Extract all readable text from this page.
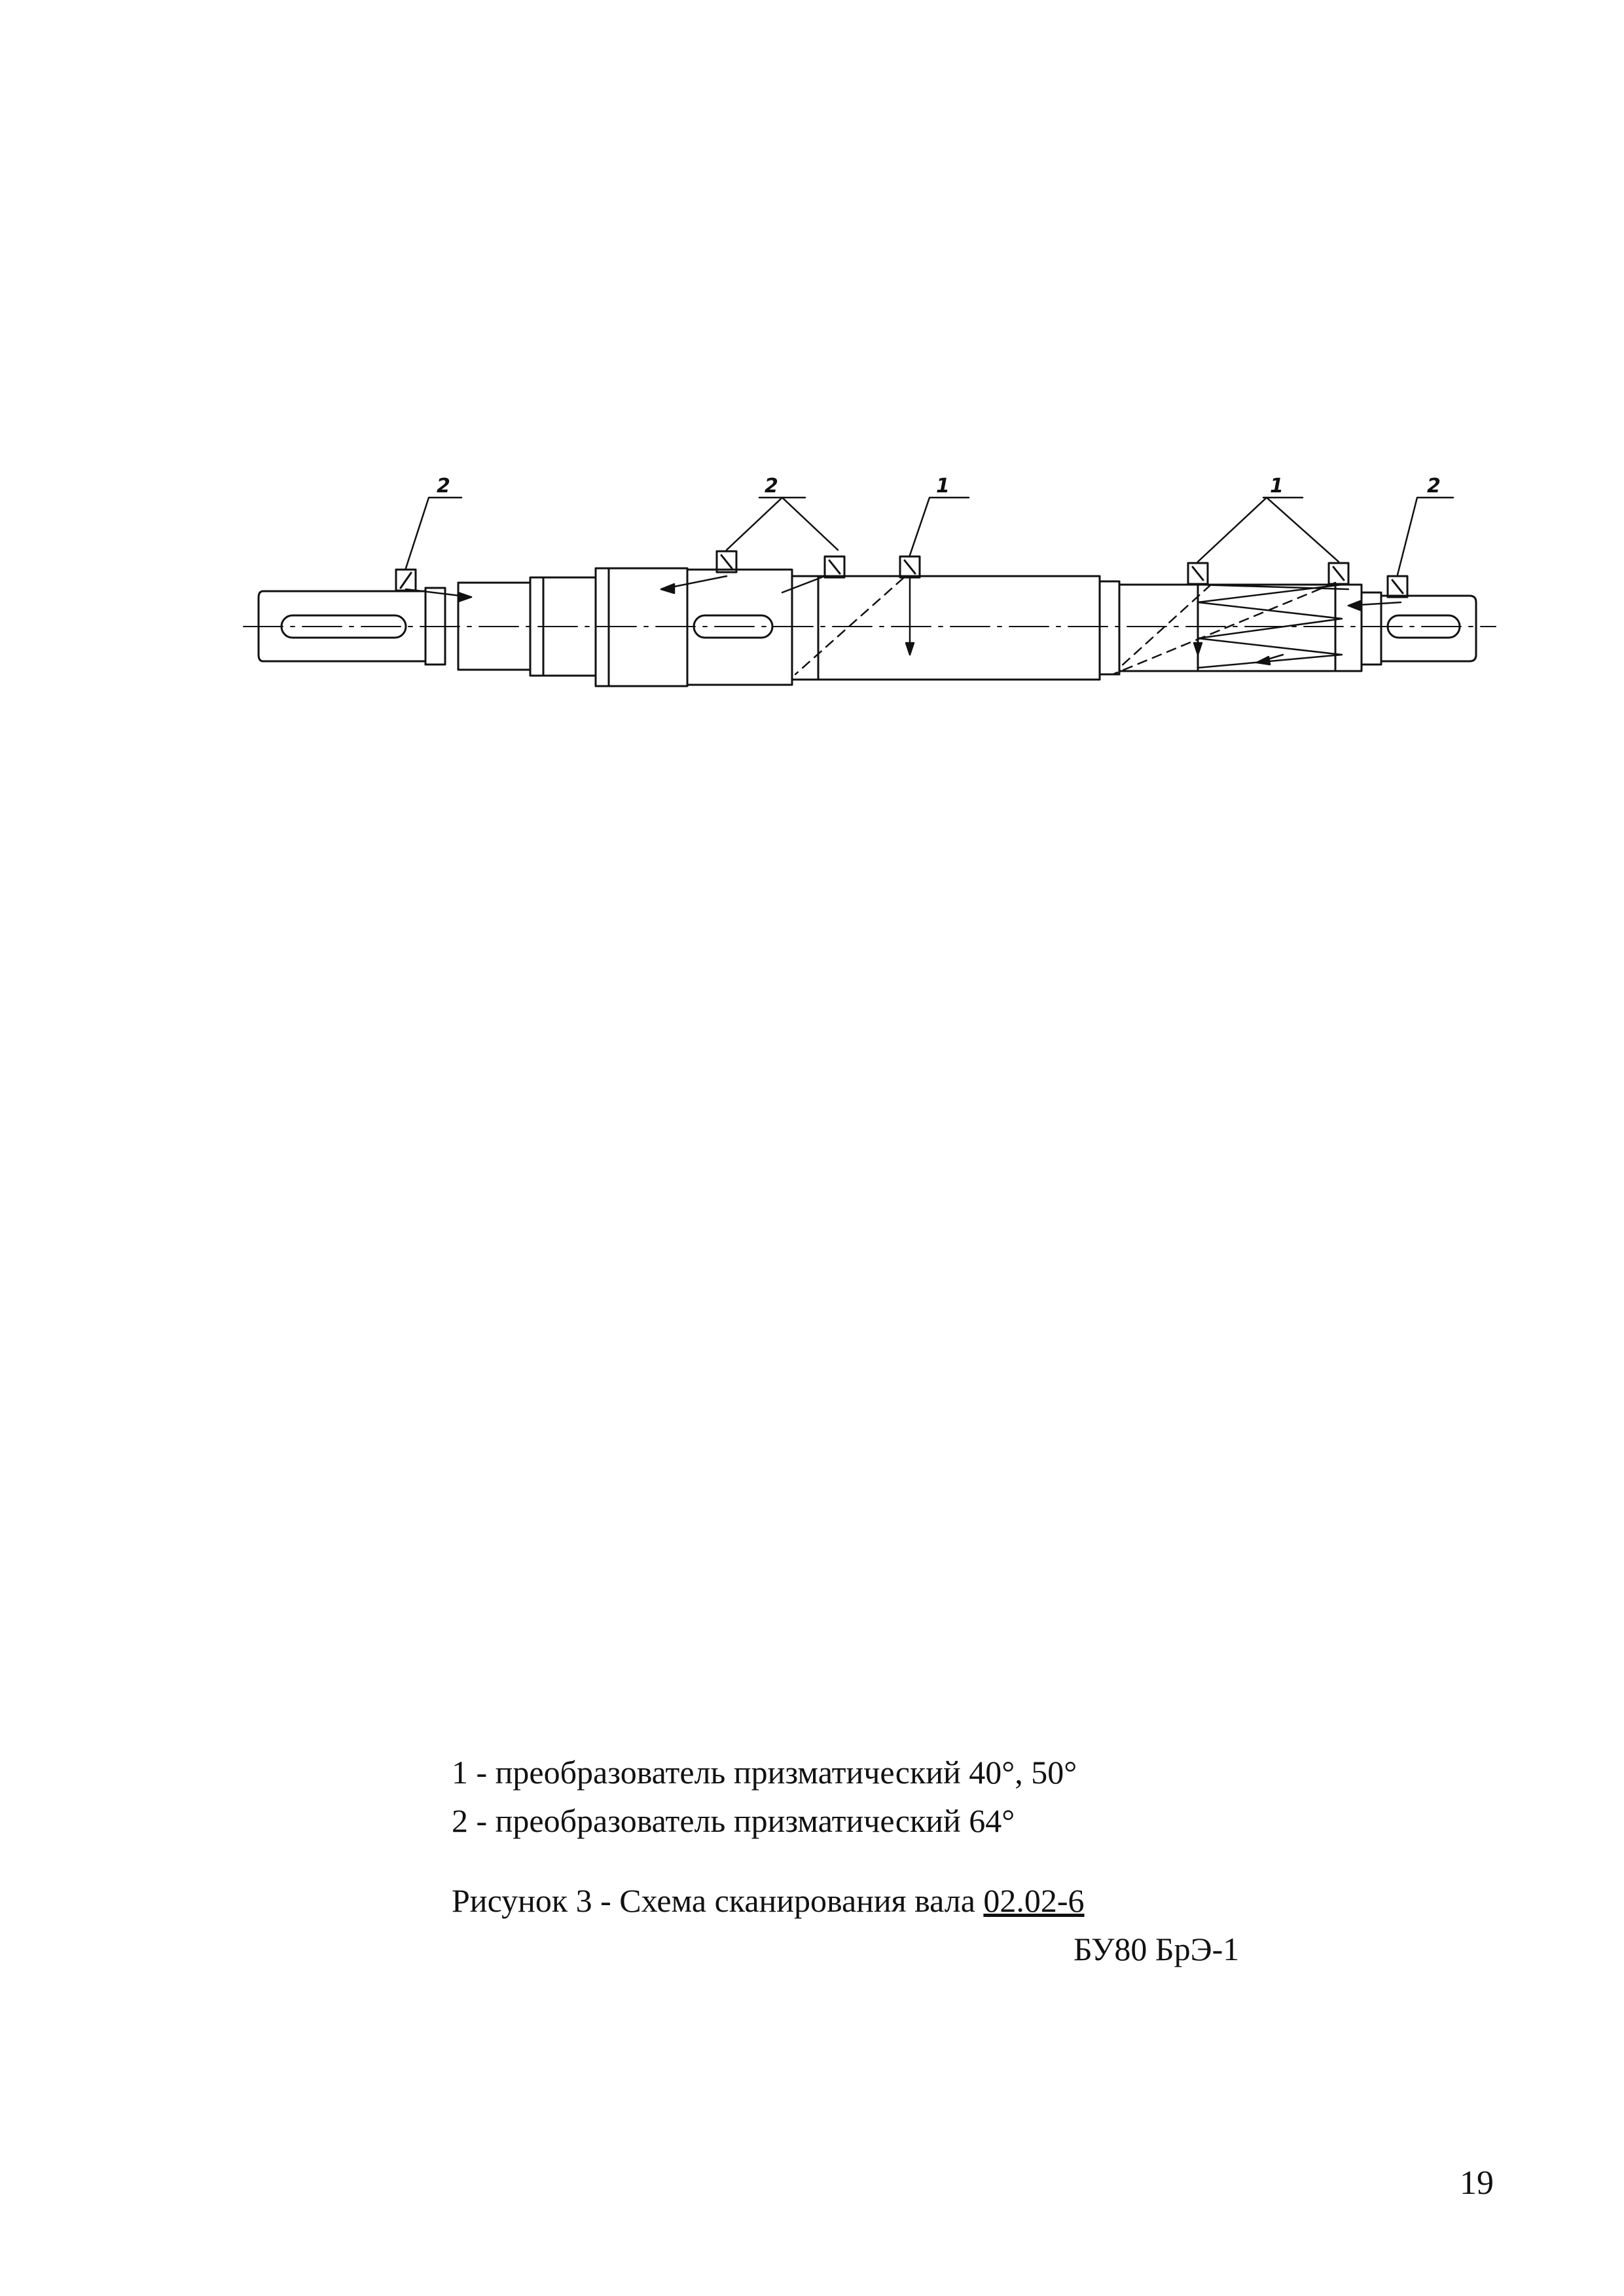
2	2	1	1	2
1 - преобразователь призматический 40°, 50°
2 - преобразователь призматический 64°
Рисунок 3 - Схема сканирования вала 02.02-6
БУ80 БрЭ-1
19
